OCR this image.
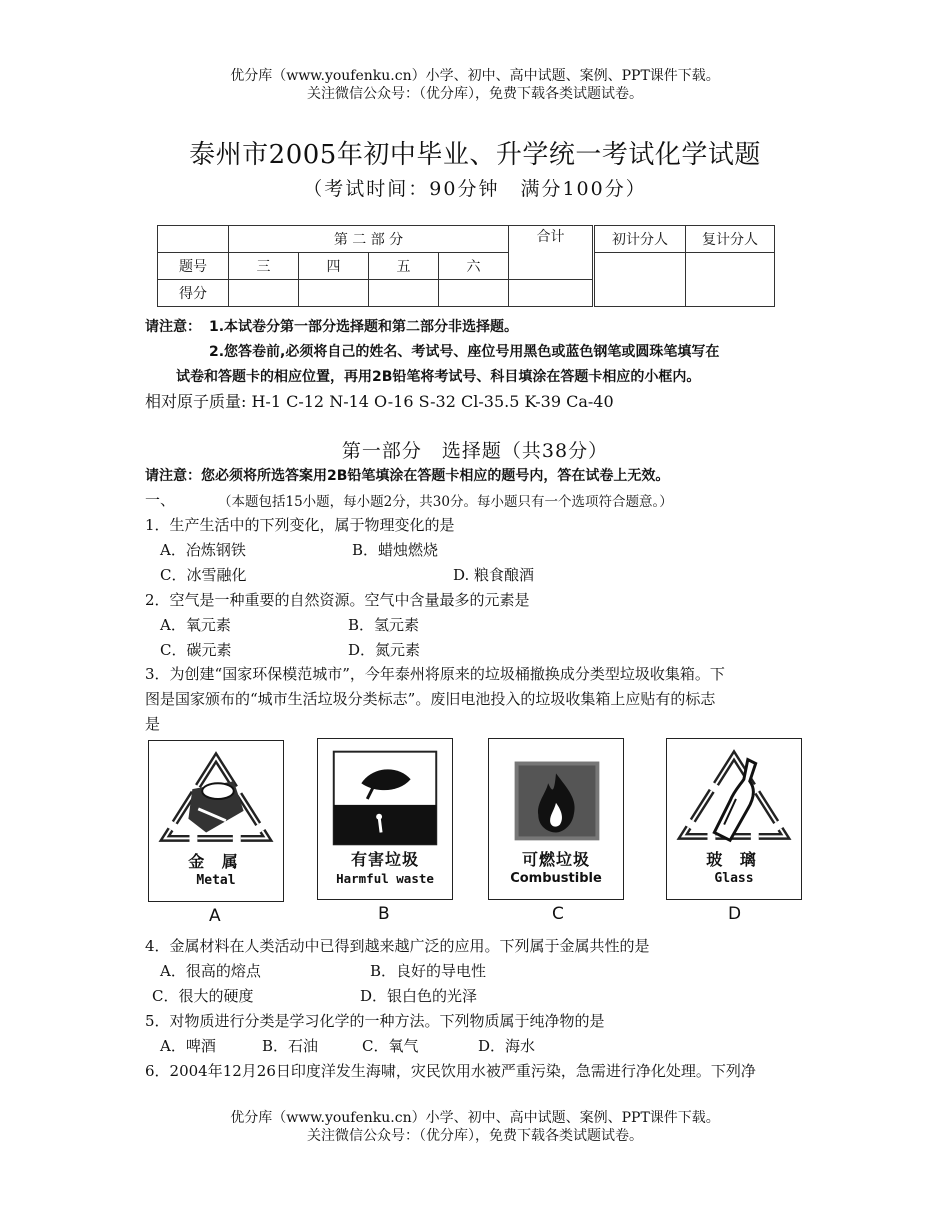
优分库（www.youfenku.cn）小学、初中、高中试题、案例、PPT课件下载。
关注微信公众号：（优分库），免费下载各类试题试卷。
泰州市2005年初中毕业、升学统一考试化学试题
（考试时间：90分钟　满分100分）
	第 二 部 分				合计	初计分人	复计分人
题号	三	四	五	六			
得分							
请注意： 1.本试卷分第一部分选择题和第二部分非选择题。
2.您答卷前,必须将自己的姓名、考试号、座位号用黑色或蓝色钢笔或圆珠笔填写在
试卷和答题卡的相应位置，再用2B铅笔将考试号、科目填涂在答题卡相应的小框内。
相对原子质量: H-1 C-12 N-14 O-16 S-32 Cl-35.5 K-39 Ca-40
第一部分　选择题（共38分）
请注意：您必须将所选答案用2B铅笔填涂在答题卡相应的题号内，答在试卷上无效。
一、	（本题包括15小题，每小题2分，共30分。每小题只有一个选项符合题意。）
1．生产生活中的下列变化，属于物理变化的是
A．冶炼钢铁	B．蜡烛燃烧
C．冰雪融化	D. 粮食酿酒
2．空气是一种重要的自然资源。空气中含量最多的元素是
A．氧元素	B．氢元素
C．碳元素	D．氮元素
3．为创建“国家环保模范城市”，今年泰州将原来的垃圾桶撤换成分类型垃圾收集箱。下
图是国家颁布的“城市生活垃圾分类标志”。废旧电池投入的垃圾收集箱上应贴有的标志
是
金 属
Metal
A
有害垃圾
Harmful waste
B
可燃垃圾
Combustible
C
玻 璃
Glass
D
4．金属材料在人类活动中已得到越来越广泛的应用。下列属于金属共性的是
A．很高的熔点	B．良好的导电性
C．很大的硬度	D．银白色的光泽
5．对物质进行分类是学习化学的一种方法。下列物质属于纯净物的是
A．啤酒	B．石油	C．氧气	D．海水
6．2004年12月26日印度洋发生海啸，灾民饮用水被严重污染，急需进行净化处理。下列净
优分库（www.youfenku.cn）小学、初中、高中试题、案例、PPT课件下载。
关注微信公众号：（优分库），免费下载各类试题试卷。
